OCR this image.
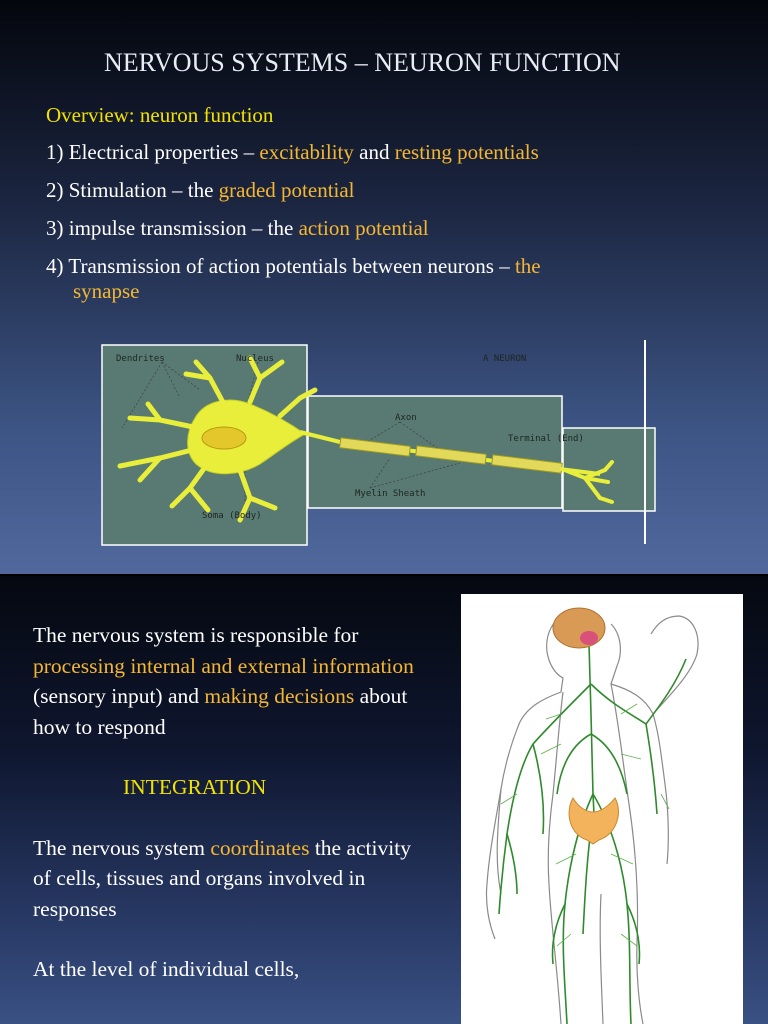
NERVOUS SYSTEMS – NEURON FUNCTION
Overview: neuron function
1) Electrical properties – excitability and resting potentials
2) Stimulation – the graded potential
3) impulse transmission – the action potential
4) Transmission of action potentials between neurons – the
synapse
Dendrites	Nucleus	A NEURON
Axon
Terminal (End)
Myelin Sheath
Soma (Body)

The nervous system is responsible for processing internal and external information (sensory input) and making decisions about how to respond

INTEGRATION

The nervous system coordinates the activity of cells, tissues and organs involved in responses

At the level of individual cells,
